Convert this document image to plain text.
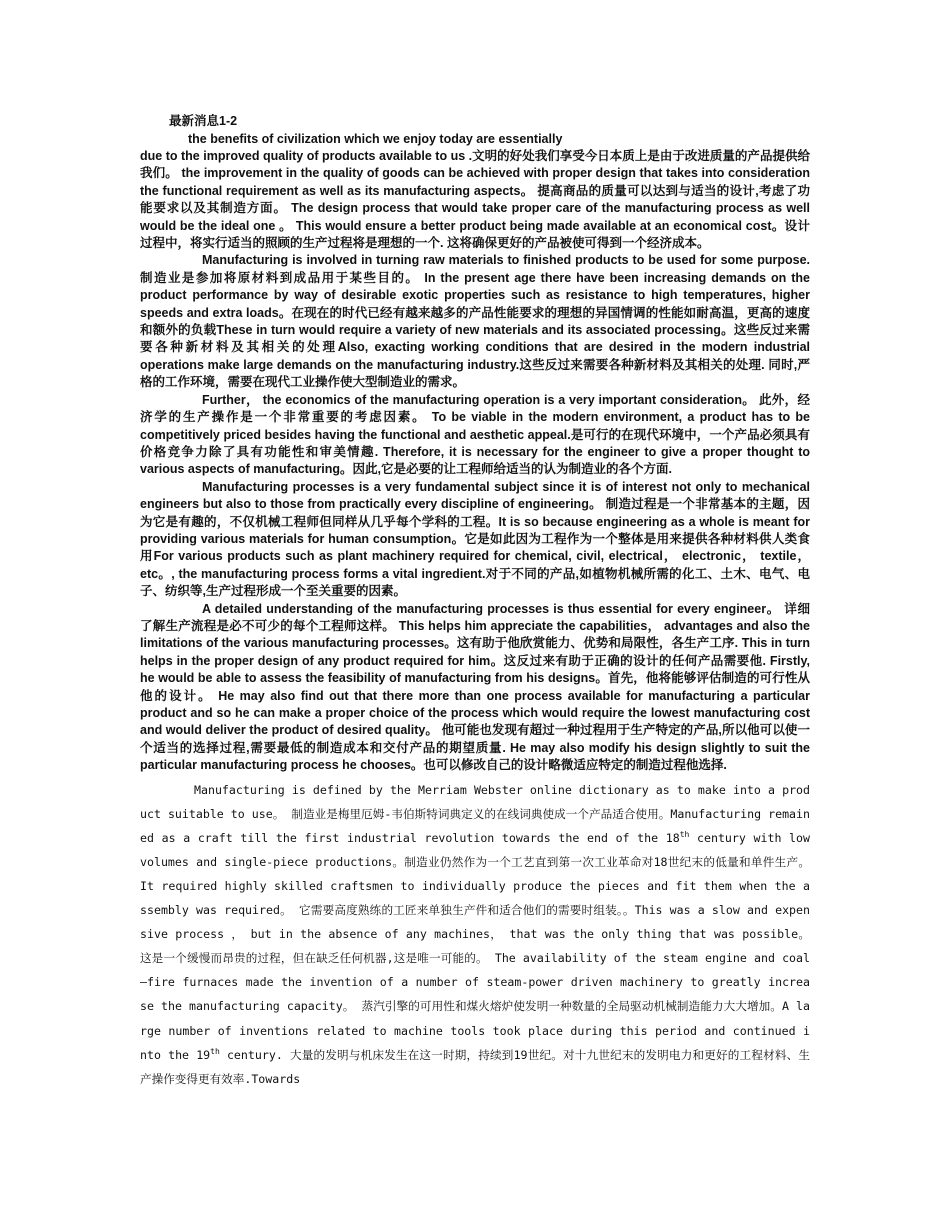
最新消息1-2
the benefits of civilization which we enjoy today are essentially

due to the improved quality of products available to us .文明的好处我们享受今日本质上是由于改进质量的产品提供给我们。 the improvement in the quality of goods can be achieved with proper design that takes into consideration the functional requirement as well as its manufacturing aspects。 提高商品的质量可以达到与适当的设计,考虑了功能要求以及其制造方面。 The design process that would take proper care of the manufacturing process as well would be the ideal one 。 This would ensure a better product being made available at an economical cost。设计过程中，将实行适当的照顾的生产过程将是理想的一个. 这将确保更好的产品被使可得到一个经济成本。

Manufacturing is involved in turning raw materials to finished products to be used for some purpose. 制造业是参加将原材料到成品用于某些目的。 In the present age there have been increasing demands on the product performance by way of desirable exotic properties such as resistance to high temperatures, higher speeds and extra loads。在现在的时代已经有越来越多的产品性能要求的理想的异国情调的性能如耐高温，更高的速度和额外的负载These in turn would require a variety of new materials and its associated processing。这些反过来需要各种新材料及其相关的处理Also, exacting working conditions that are desired in the modern industrial operations make large demands on the manufacturing industry.这些反过来需要各种新材料及其相关的处理. 同时,严格的工作环境，需要在现代工业操作使大型制造业的需求。

Further， the economics of the manufacturing operation is a very important consideration。 此外，经济学的生产操作是一个非常重要的考虑因素。 To be viable in the modern environment, a product has to be competitively priced besides having the functional and aesthetic appeal.是可行的在现代环境中，一个产品必须具有价格竞争力除了具有功能性和审美情趣. Therefore, it is necessary for the engineer to give a proper thought to various aspects of manufacturing。因此,它是必要的让工程师给适当的认为制造业的各个方面.

Manufacturing processes is a very fundamental subject since it is of interest not only to mechanical engineers but also to those from practically every discipline of engineering。 制造过程是一个非常基本的主题，因为它是有趣的，不仅机械工程师但同样从几乎每个学科的工程。It is so because engineering as a whole is meant for providing various materials for human consumption。它是如此因为工程作为一个整体是用来提供各种材料供人类食用For various products such as plant machinery required for chemical, civil, electrical， electronic， textile， etc。, the manufacturing process forms a vital ingredient.对于不同的产品,如植物机械所需的化工、土木、电气、电子、纺织等,生产过程形成一个至关重要的因素。

A detailed understanding of the manufacturing processes is thus essential for every engineer。 详细了解生产流程是必不可少的每个工程师这样。 This helps him appreciate the capabilities， advantages and also the limitations of the various manufacturing processes。这有助于他欣赏能力、优势和局限性，各生产工序. This in turn helps in the proper design of any product required for him。这反过来有助于正确的设计的任何产品需要他. Firstly, he would be able to assess the feasibility of manufacturing from his designs。首先，他将能够评估制造的可行性从他的设计。 He may also find out that there more than one process available for manufacturing a particular product and so he can make a proper choice of the process which would require the lowest manufacturing cost and would deliver the product of desired quality。 他可能也发现有超过一种过程用于生产特定的产品,所以他可以使一个适当的选择过程,需要最低的制造成本和交付产品的期望质量. He may also modify his design slightly to suit the particular manufacturing process he chooses。也可以修改自己的设计略微适应特定的制造过程他选择.

Manufacturing is defined by the Merriam Webster online dictionary as to make into a product suitable to use。 制造业是梅里厄姆-韦伯斯特词典定义的在线词典使成一个产品适合使用。Manufacturing remained as a craft till the first industrial revolution towards the end of the 18th century with low volumes and single-piece productions。制造业仍然作为一个工艺直到第一次工业革命对18世纪末的低量和单件生产。 It required highly skilled craftsmen to individually produce the pieces and fit them when the assembly was required。 它需要高度熟练的工匠来单独生产件和适合他们的需要时组装。。This was a slow and expensive process ， but in the absence of any machines， that was the only thing that was possible。这是一个缓慢而昂贵的过程，但在缺乏任何机器,这是唯一可能的。 The availability of the steam engine and coal—fire furnaces made the invention of a number of steam-power driven machinery to greatly increase the manufacturing capacity。 蒸汽引擎的可用性和煤火熔炉使发明一种数量的全局驱动机械制造能力大大增加。A large number of inventions related to machine tools took place during this period and continued into the 19th century. 大量的发明与机床发生在这一时期，持续到19世纪。对十九世纪末的发明电力和更好的工程材料、生产操作变得更有效率.Towards
